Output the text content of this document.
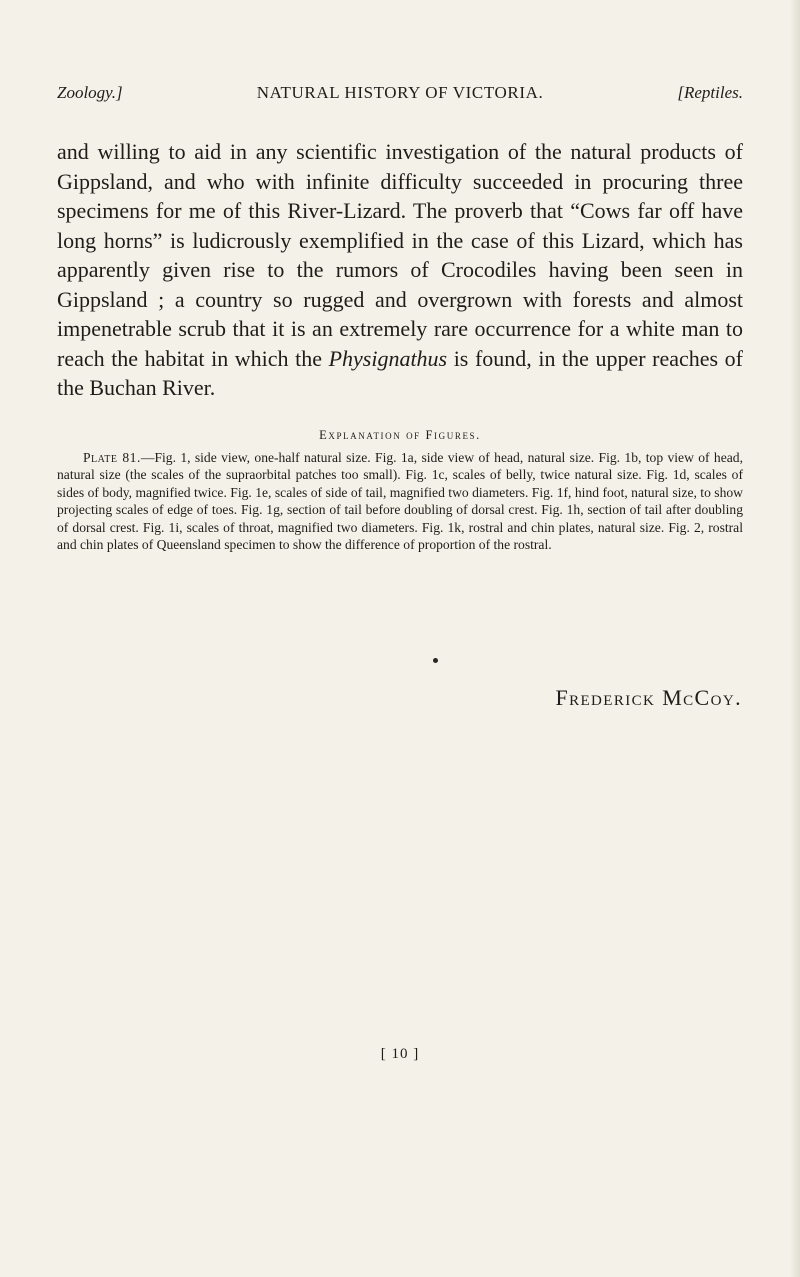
Zoology.]	NATURAL HISTORY OF VICTORIA.	[Reptiles.

and willing to aid in any scientific investigation of the natural products of Gippsland, and who with infinite difficulty succeeded in procuring three specimens for me of this River-Lizard. The proverb that “Cows far off have long horns” is ludicrously exemplified in the case of this Lizard, which has apparently given rise to the rumors of Crocodiles having been seen in Gippsland ; a country so rugged and overgrown with forests and almost impenetrable scrub that it is an extremely rare occurrence for a white man to reach the habitat in which the Physignathus is found, in the upper reaches of the Buchan River.

Explanation of Figures.

Plate 81.—Fig. 1, side view, one-half natural size. Fig. 1a, side view of head, natural size. Fig. 1b, top view of head, natural size (the scales of the supraorbital patches too small). Fig. 1c, scales of belly, twice natural size. Fig. 1d, scales of sides of body, magnified twice. Fig. 1e, scales of side of tail, magnified two diameters. Fig. 1f, hind foot, natural size, to show projecting scales of edge of toes. Fig. 1g, section of tail before doubling of dorsal crest. Fig. 1h, section of tail after doubling of dorsal crest. Fig. 1i, scales of throat, magnified two diameters. Fig. 1k, rostral and chin plates, natural size. Fig. 2, rostral and chin plates of Queensland specimen to show the difference of proportion of the rostral.

Frederick McCoy.
[ 10 ]
